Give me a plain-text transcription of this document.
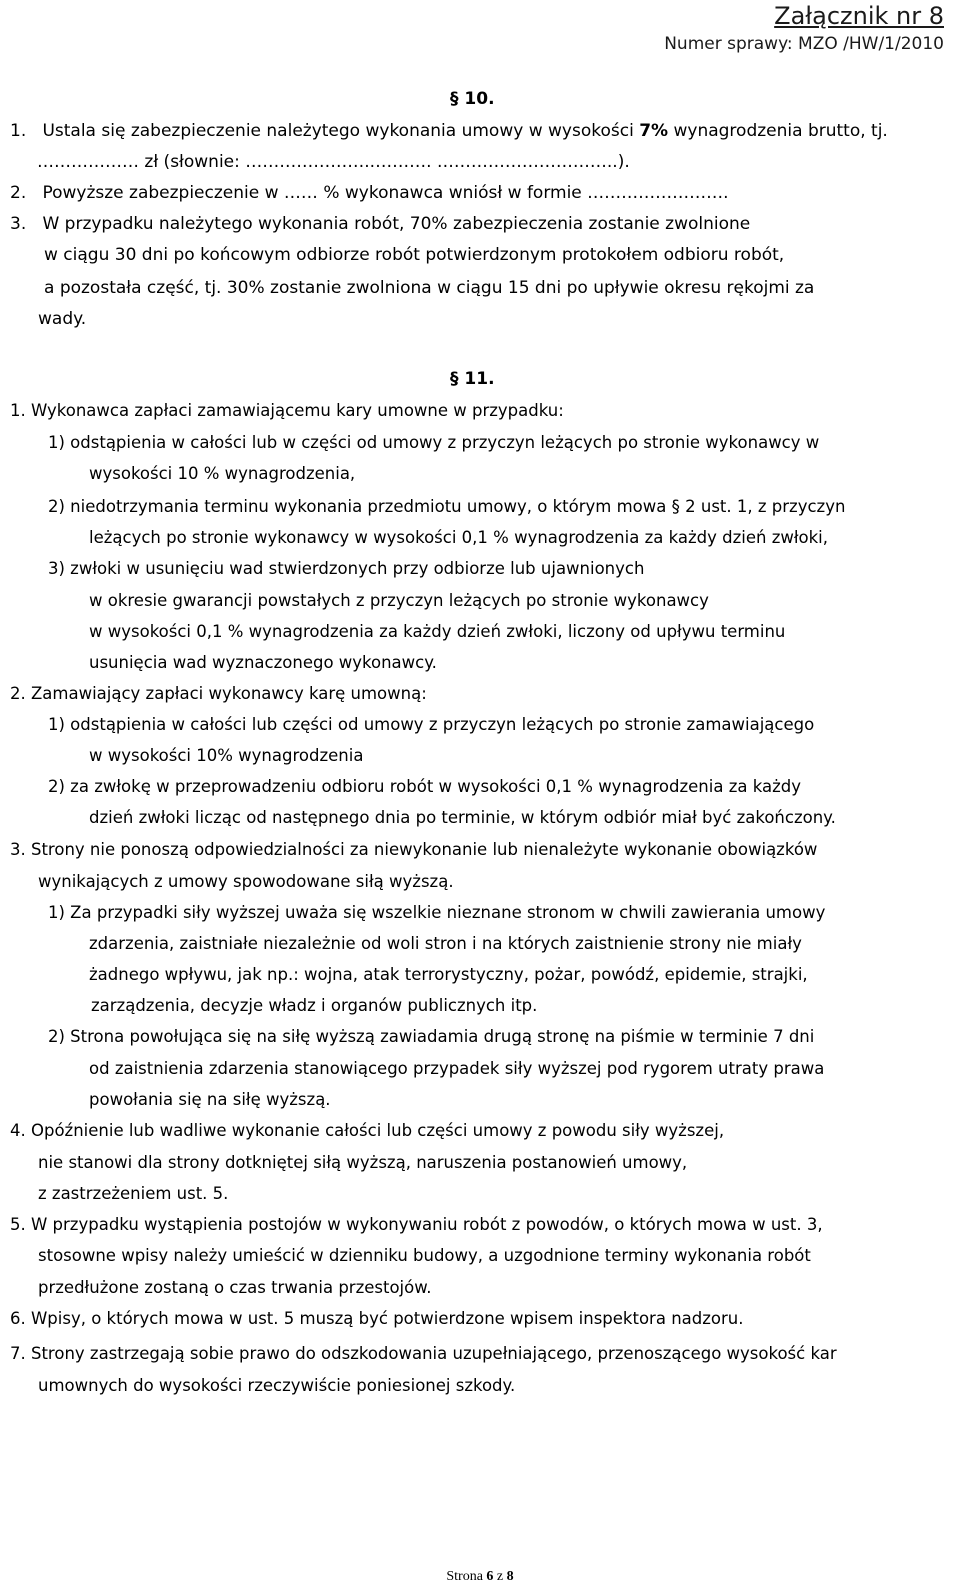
Załącznik nr 8
Numer sprawy: MZO /HW/1/2010
§ 10.
1. Ustala się zabezpieczenie należytego wykonania umowy w wysokości 7% wynagrodzenia brutto, tj.
……………… zł (słownie: …………………..………. …………………………..).
2. Powyższe zabezpieczenie w …… % wykonawca wniósł w formie …………………….
3. W przypadku należytego wykonania robót, 70% zabezpieczenia zostanie zwolnione
w ciągu 30 dni po końcowym odbiorze robót potwierdzonym protokołem odbioru robót,
a pozostała część, tj. 30% zostanie zwolniona w ciągu 15 dni po upływie okresu rękojmi za
wady.
§ 11.
1. Wykonawca zapłaci zamawiającemu kary umowne w przypadku:
1) odstąpienia w całości lub w części od umowy z przyczyn leżących po stronie wykonawcy w
wysokości 10 % wynagrodzenia,
2) niedotrzymania terminu wykonania przedmiotu umowy, o którym mowa § 2 ust. 1, z przyczyn
leżących po stronie wykonawcy w wysokości 0,1 % wynagrodzenia za każdy dzień zwłoki,
3) zwłoki w usunięciu wad stwierdzonych przy odbiorze lub ujawnionych
w okresie gwarancji powstałych z przyczyn leżących po stronie wykonawcy
w wysokości 0,1 % wynagrodzenia za każdy dzień zwłoki, liczony od upływu terminu
usunięcia wad wyznaczonego wykonawcy.
2. Zamawiający zapłaci wykonawcy karę umowną:
1) odstąpienia w całości lub części od umowy z przyczyn leżących po stronie zamawiającego
w wysokości 10% wynagrodzenia
2) za zwłokę w przeprowadzeniu odbioru robót w wysokości 0,1 % wynagrodzenia za każdy
dzień zwłoki licząc od następnego dnia po terminie, w którym odbiór miał być zakończony.
3. Strony nie ponoszą odpowiedzialności za niewykonanie lub nienależyte wykonanie obowiązków
wynikających z umowy spowodowane siłą wyższą.
1) Za przypadki siły wyższej uważa się wszelkie nieznane stronom w chwili zawierania umowy
zdarzenia, zaistniałe niezależnie od woli stron i na których zaistnienie strony nie miały
żadnego wpływu, jak np.: wojna, atak terrorystyczny, pożar, powódź, epidemie, strajki,
zarządzenia, decyzje władz i organów publicznych itp.
2) Strona powołująca się na siłę wyższą zawiadamia drugą stronę na piśmie w terminie 7 dni
od zaistnienia zdarzenia stanowiącego przypadek siły wyższej pod rygorem utraty prawa
powołania się na siłę wyższą.
4. Opóźnienie lub wadliwe wykonanie całości lub części umowy z powodu siły wyższej,
nie stanowi dla strony dotkniętej siłą wyższą, naruszenia postanowień umowy,
z zastrzeżeniem ust. 5.
5. W przypadku wystąpienia postojów w wykonywaniu robót z powodów, o których mowa w ust. 3,
stosowne wpisy należy umieścić w dzienniku budowy, a uzgodnione terminy wykonania robót
przedłużone zostaną o czas trwania przestojów.
6. Wpisy, o których mowa w ust. 5 muszą być potwierdzone wpisem inspektora nadzoru.
7. Strony zastrzegają sobie prawo do odszkodowania uzupełniającego, przenoszącego wysokość kar
umownych do wysokości rzeczywiście poniesionej szkody.
Strona 6 z 8
